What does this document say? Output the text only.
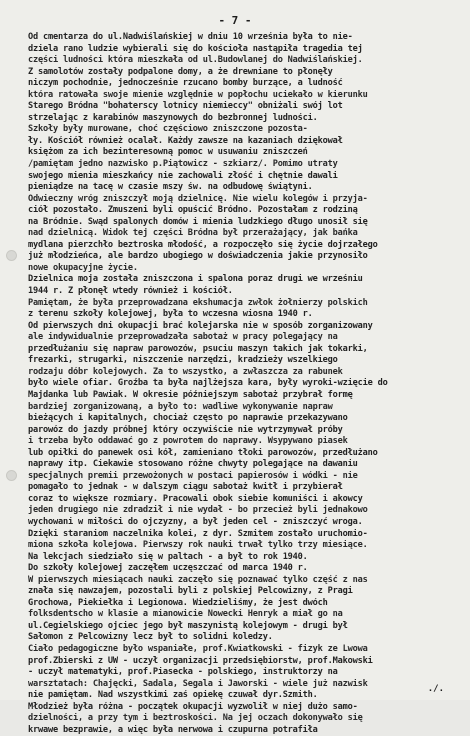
- 7 -
Od cmentarza do ul.Nadwiślańskiej w dniu 10 września była to nie-
dziela rano ludzie wybierali się do kościoła nastąpiła tragedia tej
części ludności która mieszkała od ul.Budowlanej do Nadwiślańskiej.
Z samolotów zostały podpalone domy, a że drewniane to płonęły
niczym pochodnie, jednocześnie rzucano bomby burzące, a ludność
która ratowała swoje mienie względnie w popłochu uciekało w kierunku
Starego Bródna "bohaterscy lotnicy niemieccy" obniżali swój lot
strzelając z karabinów maszynowych do bezbronnej ludności.
Szkoły były murowane, choć częściowo zniszczone pozosta-
ły. Kościół również ocalał. Każdy zawsze na kazaniach dziękował
księżom za ich bezinteresowną pomoc w usuwaniu zniszczeń
/pamiętam jedno nazwisko p.Piątowicz - szkiarz/. Pomimo utraty
swojego mienia mieszkańcy nie zachowali złość i chętnie dawali
pieniądze na tacę w czasie mszy św. na odbudowę świątyni.
Odwieczny wróg zniszczył moją dzielnicę. Nie wielu kolegów i przyja-
ciół pozostało. Zmuszeni byli opuścić Bródno. Pozostałam z rodziną
na Bródnie. Swąd spalonych domów i mienia ludzkiego długo unosił się
nad dzielnicą. Widok tej części Bródna był przerażający, jak bańka
mydlana pierzchło beztroska młodość, a rozpoczęło się życie dojrzałego
już młodzieńca, ale bardzo ubogiego w doświadczenia jakie przynosiło
nowe okupacyjne życie.
Dzielnica moja została zniszczona i spalona poraz drugi we wrześniu
1944 r. Z płonęł wtedy również i kościół.
Pamiętam, że była przeprowadzana ekshumacja zwłok żołnierzy polskich
z terenu szkoły kolejowej, była to wczesna wiosna 1940 r.
Od pierwszych dni okupacji brać kolejarska nie w sposób zorganizowany
ale indywidualnie przeprowadzała sabotaż w pracy polegający na
przedłużaniu się napraw parowozów, psuciu maszyn takich jak tokarki,
frezarki, strugarki, niszczenie narzędzi, kradzieży wszelkiego
rodzaju dóbr kolejowych. Za to wszystko, a zwłaszcza za rabunek
było wiele ofiar. Groźba ta była najlżejsza kara, były wyroki-wzięcie do
Majdanka lub Pawiak. W okresie późniejszym sabotaż przybrał formę
bardziej zorganizowaną, a było to: wadliwe wykonywanie napraw
bieżących i kapitalnych, chociaż często po naprawie przekazywano
parowóz do jazdy próbnej który oczywiście nie wytrzymywał próby
i trzeba było oddawać go z powrotem do naprawy. Wsypywano piasek
lub opiłki do panewek osi kół, zamieniano tłoki parowozów, przedłużano
naprawy itp. Ciekawie stosowano różne chwyty polegające na dawaniu
specjalnych premii przewożonych w postaci papierosów i wódki - nie
pomagało to jednak - w dalszym ciągu sabotaż kwitł i przybierał
coraz to większe rozmiary. Pracowali obok siebie komuniści i akowcy
jeden drugiego nie zdradził i nie wydał - bo przecież byli jednakowo
wychowani w miłości do ojczyzny, a był jeden cel - zniszczyć wroga.
Dzięki staraniom naczelnika kolei, z dyr. Szmitem zostało uruchomio-
miona szkoła kolejowa. Pierwszy rok nauki trwał tylko trzy miesiące.
Na lekcjach siedziało się w paltach - a był to rok 1940.
Do szkoły kolejowej zaczęłem uczęszczać od marca 1940 r.
W pierwszych miesiącach nauki zaczęło się poznawać tylko część z nas
znała się nawzajem, pozostali byli z polskiej Pelcowizny, z Pragi
Grochowa, Piekiełka i Legionowa. Wiedzieliśmy, że jest dwóch
folksdentscho w klasie a mianowicie Nowecki Henryk a miał go na
ul.Cegielskiego ojciec jego był maszynistą kolejowym - drugi był
Sałomon z Pelcowizny lecz był to solidni koledzy.
Ciało pedagogiczne było wspaniałe, prof.Kwiatkowski - fizyk ze Lwowa
prof.Zbierski z UW - uczył organizacji przedsiębiorstw, prof.Makowski
- uczył matematyki, prof.Piasecka - polskiego, instruktorzy na
warsztatach: Chajęcki, Sadala, Segala i Jaworski - wiele już nazwisk
nie pamiętam. Nad wszystkimi zaś opiekę czuwał dyr.Szmith.
Młodzież była różna - początek okupacji wyzwolił w niej dużo samo-
dzielności, a przy tym i beztroskości. Na jej oczach dokonywało się
krwawe bezprawie, a więc była nerwowa i czupurna potrafiła
./.
